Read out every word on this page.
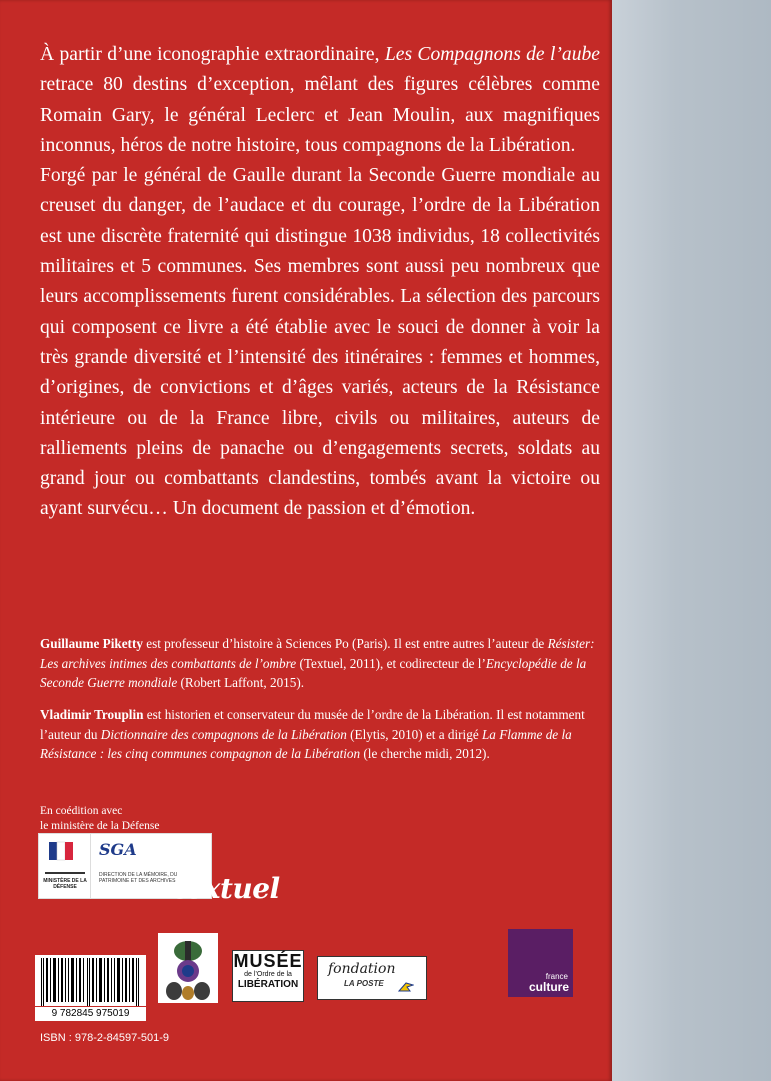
À partir d’une iconographie extraordinaire, Les Compagnons de l’aube retrace 80 destins d’exception, mêlant des figures célèbres comme Romain Gary, le général Leclerc et Jean Moulin, aux magnifiques inconnus, héros de notre histoire, tous compagnons de la Libération.

Forgé par le général de Gaulle durant la Seconde Guerre mondiale au creuset du danger, de l’audace et du courage, l’ordre de la Libération est une discrète fraternité qui distingue 1038 individus, 18 collectivités militaires et 5 communes. Ses membres sont aussi peu nombreux que leurs accomplissements furent considérables. La sélection des parcours qui composent ce livre a été établie avec le souci de donner à voir la très grande diversité et l’intensité des itinéraires : femmes et hommes, d’origines, de convictions et d’âges variés, acteurs de la Résistance intérieure ou de la France libre, civils ou militaires, auteurs de ralliements pleins de panache ou d’engagements secrets, soldats au grand jour ou combattants clandestins, tombés avant la victoire ou ayant survécu… Un document de passion et d’émotion.

Guillaume Piketty est professeur d’histoire à Sciences Po (Paris). Il est entre autres l’auteur de Résister: Les archives intimes des combattants de l’ombre (Textuel, 2011), et codirecteur de l’Encyclopédie de la Seconde Guerre mondiale (Robert Laffont, 2015).
Vladimir Trouplin est historien et conservateur du musée de l’ordre de la Libération. Il est notamment l’auteur du Dictionnaire des compagnons de la Libération (Elytis, 2010) et a dirigé La Flamme de la Résistance : les cinq communes compagnon de la Libération (le cherche midi, 2012).
En coédition avec
le ministère de la Défense
MINISTÈRE DE LA DÉFENSE
SGA
DIRECTION DE LA MÉMOIRE, DU PATRIMOINE ET DES ARCHIVES
textuel
9 782845 975019
ISBN : 978-2-84597-501-9
MUSÉE
de l’Ordre de la
LIBÉRATION
fondation
LA POSTE
france
culture
